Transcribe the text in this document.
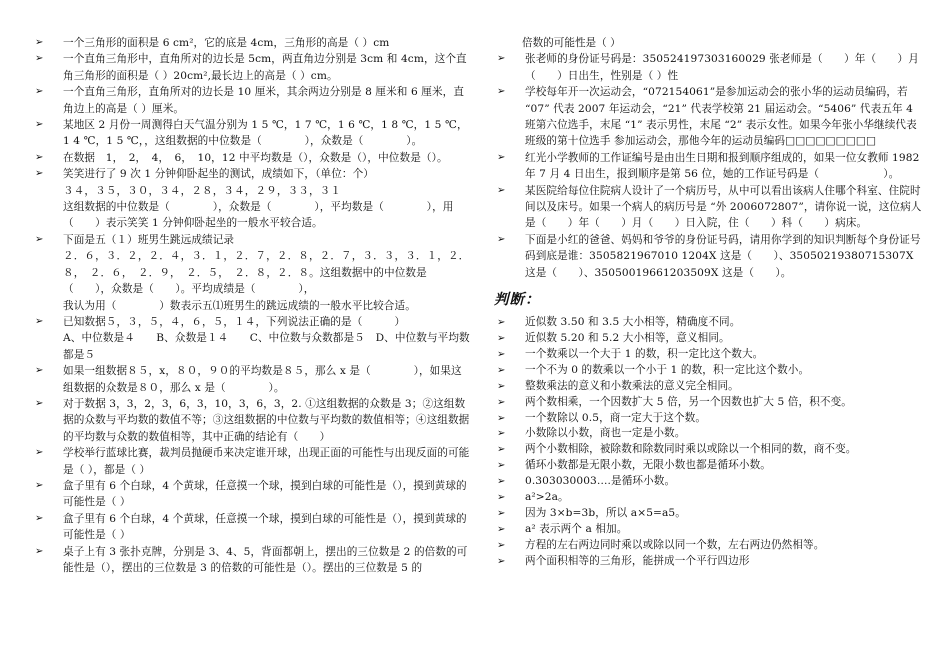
➢	一个三角形的面积是 6 cm²，它的底是 4cm，三角形的高是（ ）cm
➢	一个直角三角形中，直角所对的边长是 5cm，两直角边分别是 3cm 和 4cm，这个直角三角形的面积是（ ）20cm²,最长边上的高是（ ）cm。
➢	一个直角三角形，直角所对的边长是 10 厘米，其余两边分别是 8 厘米和 6 厘米，直角边上的高是（ ）厘米。
➢	某地区 2 月份一周测得白天气温分别为 1 5 ℃，1 7 ℃，1 6 ℃，1 8 ℃，1 5 ℃，1 4 ℃，1 5 ℃，，这组数据的中位数是（　　　　），众数是（　　　　）。
➢	在数据　1，　2，　4，　6，　10，12 中平均数是（），众数是（），中位数是（）。
➢	笑笑进行了 9 次 1 分钟仰卧起坐的测试，成绩如下，（单位：个）
３４，３５，３０，３４，２８，３４，２９，３３，３１
这组数据的中位数是（　　　　），众数是（　　　　），平均数是（　　　　），用（　　）表示笑笑 1 分钟仰卧起坐的一般水平较合适。
➢	下面是五（１）班男生跳远成绩记录
２．６，３．２，２．４，３．１，２．７，２．８，２．７，３．３，３．１，２．８，　２．６，　２．９，　２．５，　２．８，２．８。这组数据中的中位数是（　　），众数是（　　）。平均成绩是（　　　　），
我认为用（　　　　）数表示五⑴班男生的跳远成绩的一般水平比较合适。
➢	已知数据５，３，５，４，６，５，１４，下列说法正确的是（　　　）
A、中位数是４　　B、众数是１４　　C、中位数与众数都是５　D、中位数与平均数都是５
➢	如果一组数据８５，x，８０，９０的平均数是８５，那么 x 是（　　　　），如果这组数据的众数是８０，那么 x 是（　　　　）。
➢	对于数据 3，3，2，3，6，3，10，3，6，3，2. ①这组数据的众数是 3；②这组数据的众数与平均数的数值不等；③这组数据的中位数与平均数的数值相等；④这组数据的平均数与众数的数值相等，其中正确的结论有（　　）
➢	学校举行蓝球比赛，裁判员抛硬币来决定谁开球，出现正面的可能性与出现反面的可能是（ ），都是（ ）
➢	盒子里有 6 个白球，4 个黄球，任意摸一个球，摸到白球的可能性是（），摸到黄球的可能性是（ ）
➢	盒子里有 6 个白球，4 个黄球，任意摸一个球，摸到白球的可能性是（），摸到黄球的可能性是（ ）
➢	桌子上有 3 张扑克牌，分别是 3、4、5，背面都朝上，摆出的三位数是 2 的倍数的可能性是（），摆出的三位数是 3 的倍数的可能性是（）。摆出的三位数是 5 的
倍数的可能性是（ ）
➢	张老师的身份证号码是：350524197303160029 张老师是（　　）年（　　）月（　　）日出生，性别是（ ）性
➢	学校每年开一次运动会，“072154061”是参加运动会的张小华的运动员编码，若 “07” 代表 2007 年运动会，“21” 代表学校第 21 届运动会。“5406” 代表五年 4 班第六位选手，末尾 “1” 表示男性，末尾 “2” 表示女性。如果今年张小华继续代表班级的第十位选手 参加运动会，那他今年的运动员编码□□□□□□□□□
➢	红光小学教师的工作证编号是由出生日期和报到顺序组成的，如果一位女教师 1982 年 7 月 4 日出生，报到顺序是第 56 位，她的工作证号码是（　　　　　　）。
➢	某医院给每位住院病人设计了一个病历号，从中可以看出该病人住哪个科室、住院时间以及床号。如果一个病人的病历号是 “外 2006072807”，请你说一说，这位病人是（　　）年（　　）月（　　）日入院，住（　　）科（　　）病床。
➢	下面是小红的爸爸、妈妈和爷爷的身份证号码，请用你学到的知识判断每个身份证号码到底是谁：3505821967010 1204X 这是（　　）、35050219380715307X 这是（　　）、35050019661203509X 这是（　　）。
判断：
➢	近似数 3.50 和 3.5 大小相等，精确度不同。
➢	近似数 5.20 和 5.2 大小相等，意义相同。
➢	一个数乘以一个大于 1 的数，积一定比这个数大。
➢	一个不为 0 的数乘以一个小于 1 的数，积一定比这个数小。
➢	整数乘法的意义和小数乘法的意义完全相同。
➢	两个数相乘，一个因数扩大 5 倍，另一个因数也扩大 5 倍，积不变。
➢	一个数除以 0.5，商一定大于这个数。
➢	小数除以小数，商也一定是小数。
➢	两个小数相除，被除数和除数同时乘以或除以一个相同的数，商不变。
➢	循环小数都是无限小数，无限小数也都是循环小数。
➢	0.303030003….是循环小数。
➢	a²>2a。
➢	因为 3×b=3b，所以 a×5=a5。
➢	a² 表示两个 a 相加。
➢	方程的左右两边同时乘以或除以同一个数，左右两边仍然相等。
➢	两个面积相等的三角形，能拼成一个平行四边形
